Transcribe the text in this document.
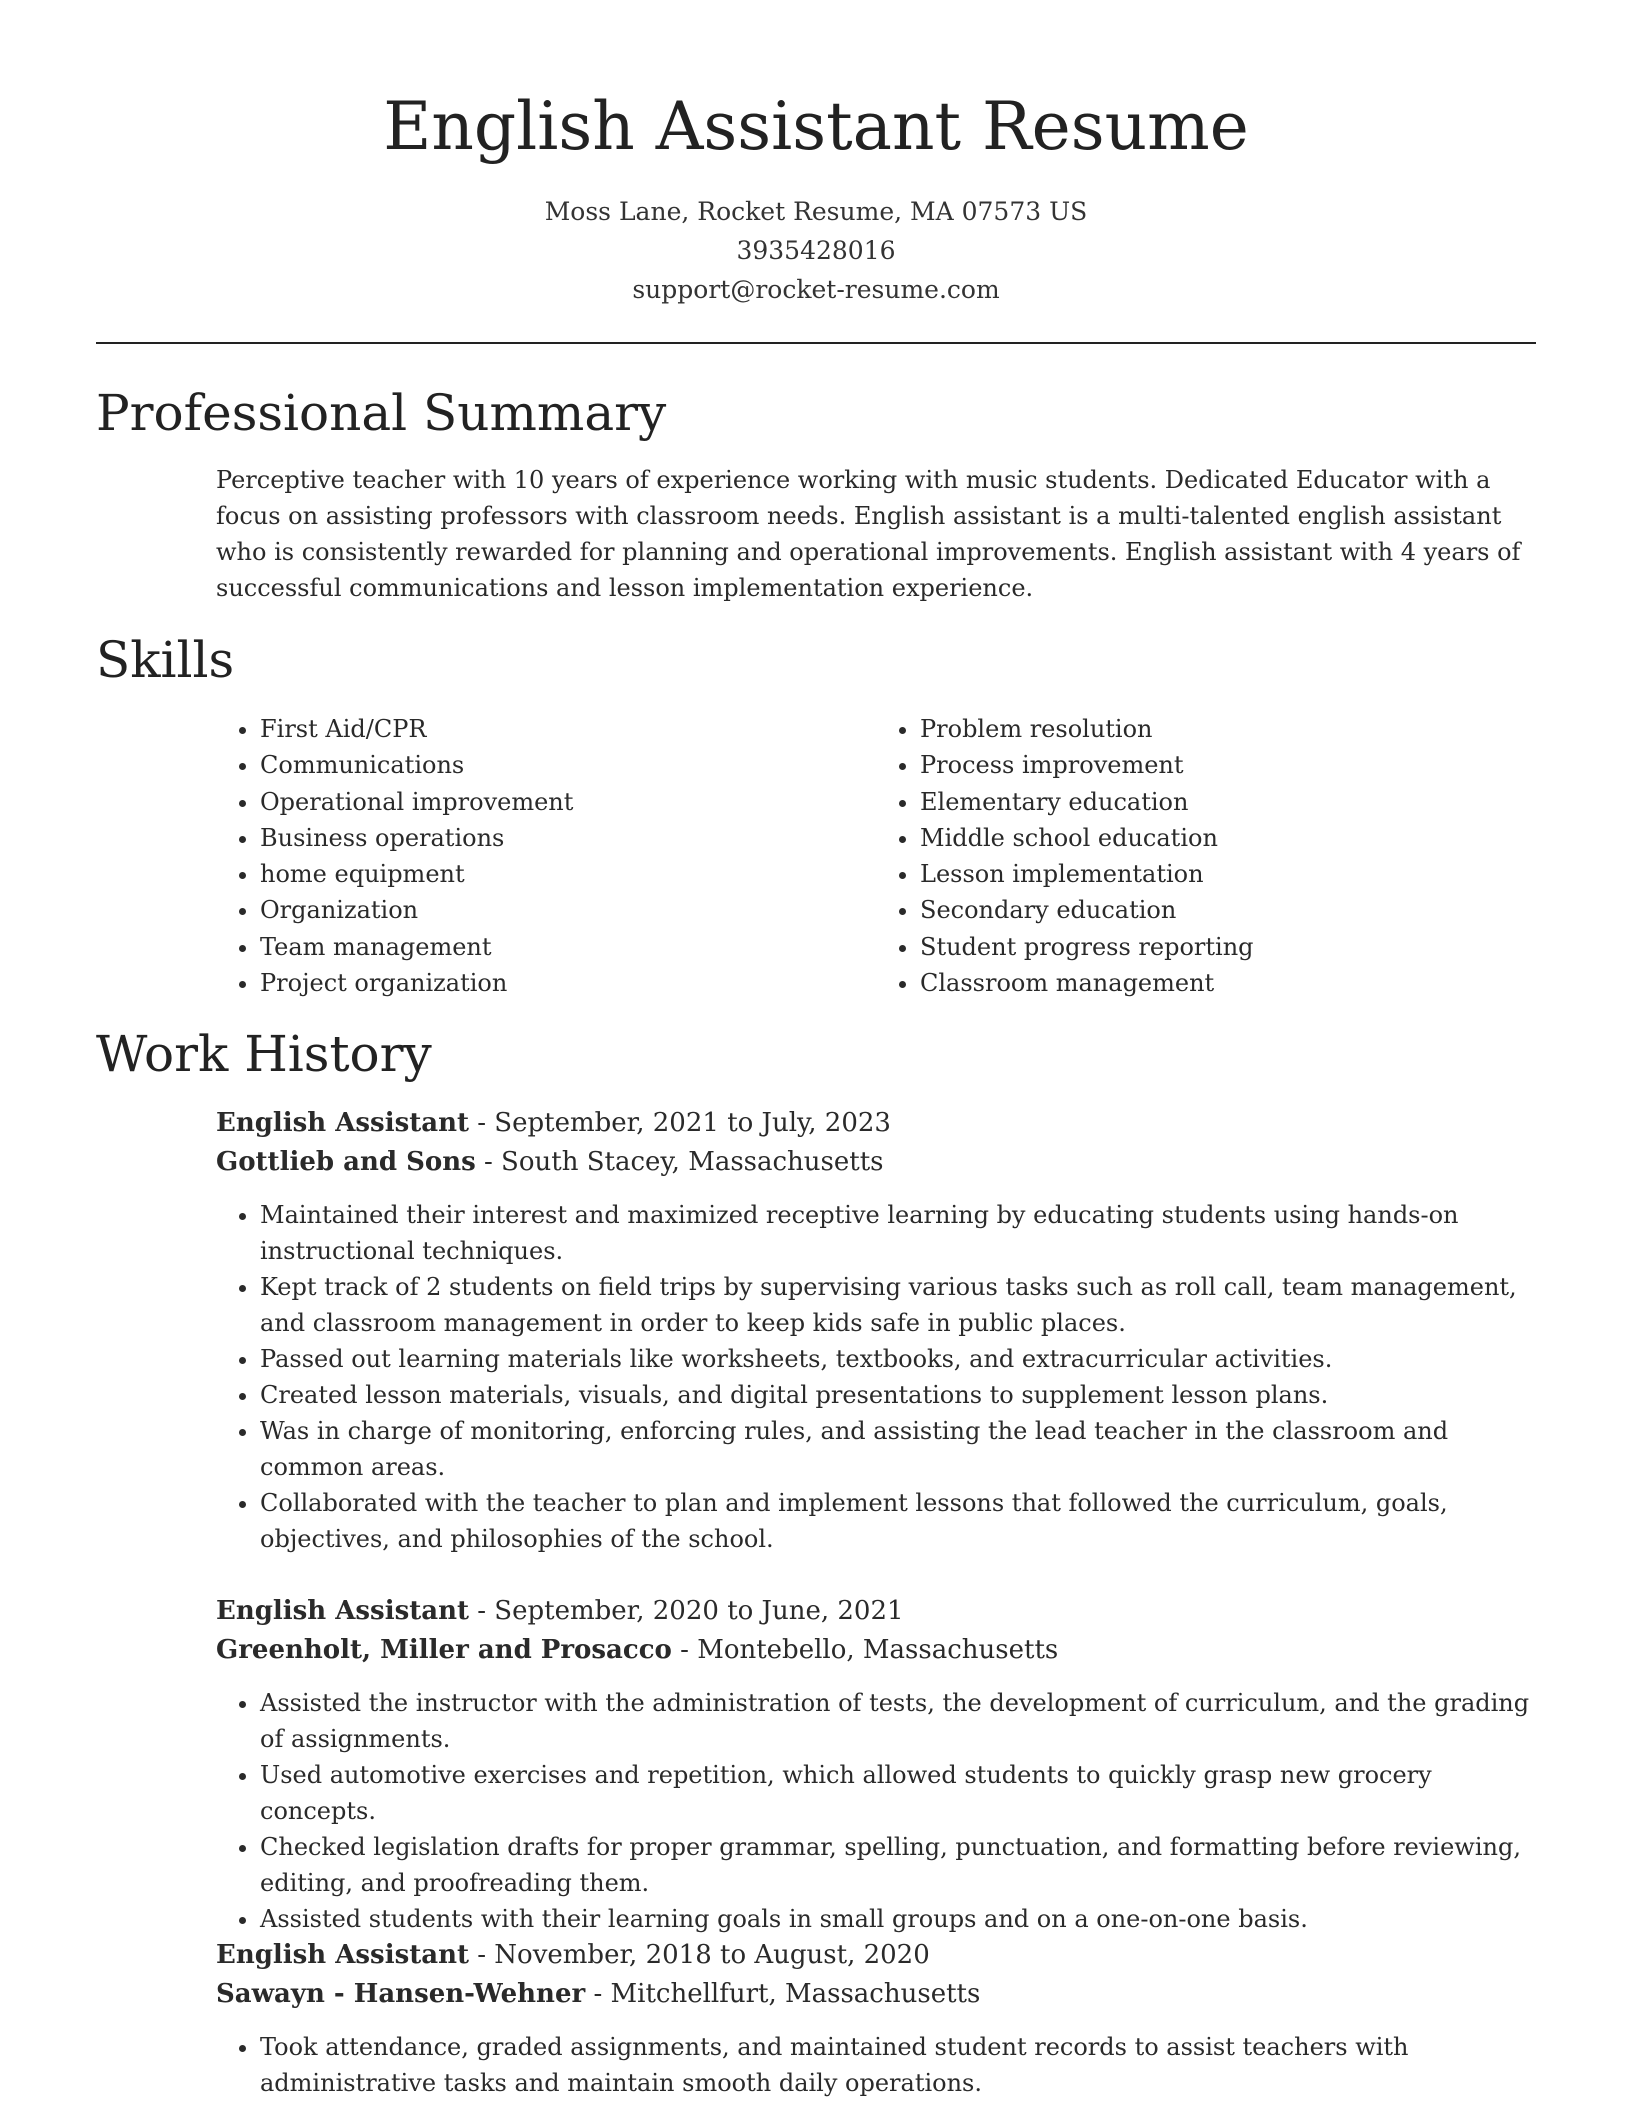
English Assistant Resume
Moss Lane, Rocket Resume, MA 07573 US
3935428016
support@rocket-resume.com
Professional Summary

Perceptive teacher with 10 years of experience working with music students. Dedicated Educator with a focus on assisting professors with classroom needs. English assistant is a multi-talented english assistant who is consistently rewarded for planning and operational improvements. English assistant with 4 years of successful communications and lesson implementation experience.

Skills
• First Aid/CPR
• Communications
• Operational improvement
• Business operations
• home equipment
• Organization
• Team management
• Project organization
• Problem resolution
• Process improvement
• Elementary education
• Middle school education
• Lesson implementation
• Secondary education
• Student progress reporting
• Classroom management
Work History
English Assistant - September, 2021 to July, 2023
Gottlieb and Sons - South Stacey, Massachusetts
• Maintained their interest and maximized receptive learning by educating students using hands-on instructional techniques.
• Kept track of 2 students on field trips by supervising various tasks such as roll call, team management, and classroom management in order to keep kids safe in public places.
• Passed out learning materials like worksheets, textbooks, and extracurricular activities.
• Created lesson materials, visuals, and digital presentations to supplement lesson plans.
• Was in charge of monitoring, enforcing rules, and assisting the lead teacher in the classroom and common areas.
• Collaborated with the teacher to plan and implement lessons that followed the curriculum, goals, objectives, and philosophies of the school.
English Assistant - September, 2020 to June, 2021
Greenholt, Miller and Prosacco - Montebello, Massachusetts
• Assisted the instructor with the administration of tests, the development of curriculum, and the grading of assignments.
• Used automotive exercises and repetition, which allowed students to quickly grasp new grocery concepts.
• Checked legislation drafts for proper grammar, spelling, punctuation, and formatting before reviewing, editing, and proofreading them.
• Assisted students with their learning goals in small groups and on a one-on-one basis.
English Assistant - November, 2018 to August, 2020
Sawayn - Hansen-Wehner - Mitchellfurt, Massachusetts
• Took attendance, graded assignments, and maintained student records to assist teachers with administrative tasks and maintain smooth daily operations.
